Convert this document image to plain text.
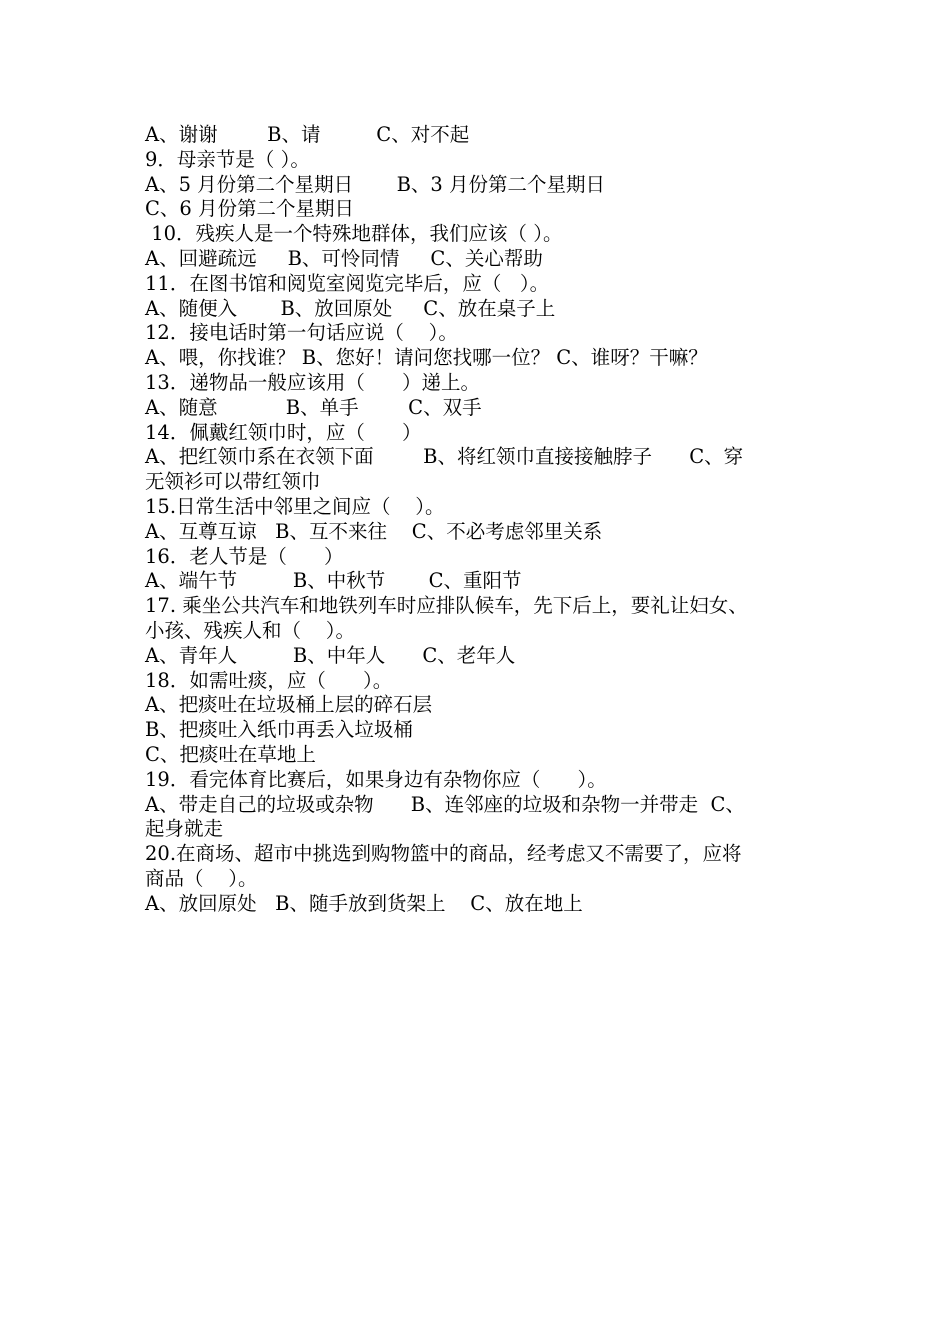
A、谢谢        B、请         C、对不起
9．母亲节是（ ）。
A、5 月份第二个星期日       B、3 月份第二个星期日
C、6 月份第二个星期日
10．残疾人是一个特殊地群体，我们应该（ ）。
A、回避疏远     B、可怜同情     C、关心帮助
11．在图书馆和阅览室阅览完毕后，应（   ）。
A、随便入       B、放回原处     C、放在桌子上
12．接电话时第一句话应说（    ）。
A、喂，你找谁？ B、您好！请问您找哪一位？ C、谁呀？干嘛？
13．递物品一般应该用（      ）递上。
A、随意           B、单手        C、双手
14．佩戴红领巾时，应（      ）
A、把红领巾系在衣领下面        B、将红领巾直接接触脖子      C、穿
无领衫可以带红领巾
15.日常生活中邻里之间应（    ）。
A、互尊互谅   B、互不来往    C、不必考虑邻里关系
16．老人节是（      ）
A、端午节         B、中秋节       C、重阳节
17. 乘坐公共汽车和地铁列车时应排队候车，先下后上，要礼让妇女、
小孩、残疾人和（    ）。
A、青年人         B、中年人      C、老年人
18．如需吐痰，应（      ）。
A、把痰吐在垃圾桶上层的碎石层
B、把痰吐入纸巾再丢入垃圾桶
C、把痰吐在草地上
19．看完体育比赛后，如果身边有杂物你应（      ）。
A、带走自己的垃圾或杂物      B、连邻座的垃圾和杂物一并带走  C、
起身就走
20.在商场、超市中挑选到购物篮中的商品，经考虑又不需要了，应将
商品（    ）。
A、放回原处   B、随手放到货架上    C、放在地上
